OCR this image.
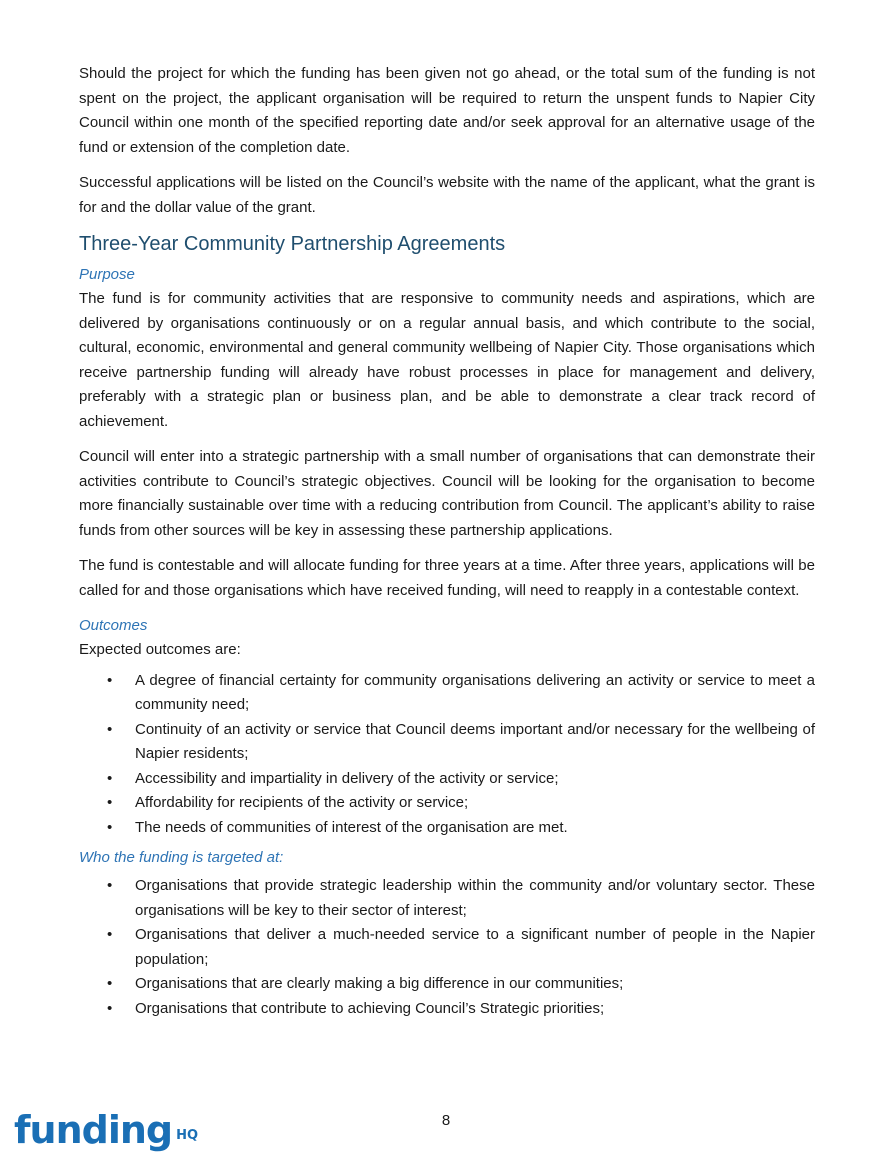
Should the project for which the funding has been given not go ahead, or the total sum of the funding is not spent on the project, the applicant organisation will be required to return the unspent funds to Napier City Council within one month of the specified reporting date and/or seek approval for an alternative usage of the fund or extension of the completion date.

Successful applications will be listed on the Council’s website with the name of the applicant, what the grant is for and the dollar value of the grant.

Three-Year Community Partnership Agreements
Purpose

The fund is for community activities that are responsive to community needs and aspirations, which are delivered by organisations continuously or on a regular annual basis, and which contribute to the social, cultural, economic, environmental and general community wellbeing of Napier City. Those organisations which receive partnership funding will already have robust processes in place for management and delivery, preferably with a strategic plan or business plan, and be able to demonstrate a clear track record of achievement.

Council will enter into a strategic partnership with a small number of organisations that can demonstrate their activities contribute to Council’s strategic objectives. Council will be looking for the organisation to become more financially sustainable over time with a reducing contribution from Council. The applicant’s ability to raise funds from other sources will be key in assessing these partnership applications.

The fund is contestable and will allocate funding for three years at a time. After three years, applications will be called for and those organisations which have received funding, will need to reapply in a contestable context.

Outcomes

Expected outcomes are:

• A degree of financial certainty for community organisations delivering an activity or service to meet a community need;
• Continuity of an activity or service that Council deems important and/or necessary for the wellbeing of Napier residents;
• Accessibility and impartiality in delivery of the activity or service;
• Affordability for recipients of the activity or service;
• The needs of communities of interest of the organisation are met.
Who the funding is targeted at:
• Organisations that provide strategic leadership within the community and/or voluntary sector. These organisations will be key to their sector of interest;
• Organisations that deliver a much-needed service to a significant number of people in the Napier population;
• Organisations that are clearly making a big difference in our communities;
• Organisations that contribute to achieving Council’s Strategic priorities;
funding $^{HQ}$
8
